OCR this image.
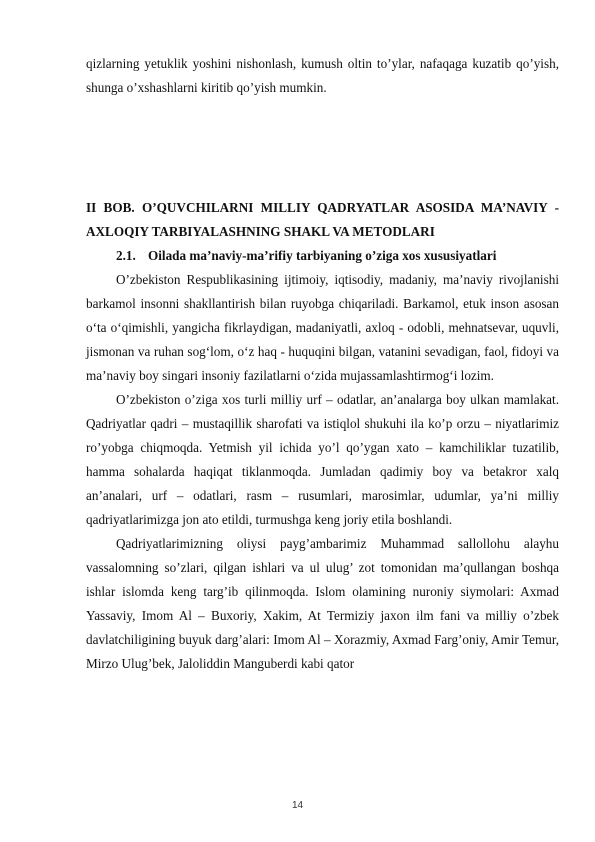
qizlarning yetuklik yoshini nishonlash, kumush oltin to’ylar, nafaqaga kuzatib qo’yish, shunga o’xshashlarni kiritib qo’yish mumkin.

II BOB. O’QUVCHILARNI MILLIY QADRYATLAR ASOSIDA MA’NAVIY - AXLOQIY TARBIYALASHNING SHAKL VA METODLARI
2.1. Oilada ma’naviy-ma’rifiy tarbiyaning o’ziga xos xususiyatlari

O’zbekiston Respublikasining ijtimoiy, iqtisodiy, madaniy, ma’naviy rivojlanishi barkamol insonni shakllantirish bilan ruyobga chiqariladi. Barkamol, etuk inson asosan o‘ta o‘qimishli, yangicha fikrlaydigan, madaniyatli, axloq - odobli, mehnatsevar, uquvli, jismonan va ruhan sog‘lom, o‘z haq - huquqini bilgan, vatanini sevadigan, faol, fidoyi va ma’naviy boy singari insoniy fazilatlarni o‘zida mujassamlashtirmog‘i lozim.

O’zbekiston o’ziga xos turli milliy urf – odatlar, an’analarga boy ulkan mamlakat. Qadriyatlar qadri – mustaqillik sharofati va istiqlol shukuhi ila ko’p orzu – niyatlarimiz ro’yobga chiqmoqda. Yetmish yil ichida yo’l qo’ygan xato – kamchiliklar tuzatilib, hamma sohalarda haqiqat tiklanmoqda. Jumladan qadimiy boy va betakror xalq an’analari, urf – odatlari, rasm – rusumlari, marosimlar, udumlar, ya’ni milliy qadriyatlarimizga jon ato etildi, turmushga keng joriy etila boshlandi.

Qadriyatlarimizning oliysi payg’ambarimiz Muhammad sallollohu alayhu vassalomning so’zlari, qilgan ishlari va ul ulug’ zot tomonidan ma’qullangan boshqa ishlar islomda keng targ’ib qilinmoqda. Islom olamining nuroniy siymolari: Axmad Yassaviy, Imom Al – Buxoriy, Xakim, At Termiziy jaxon ilm fani va milliy o’zbek davlatchiligining buyuk darg’alari: Imom Al – Xorazmiy, Axmad Farg’oniy, Amir Temur, Mirzo Ulug’bek, Jaloliddin Manguberdi kabi qator

14
